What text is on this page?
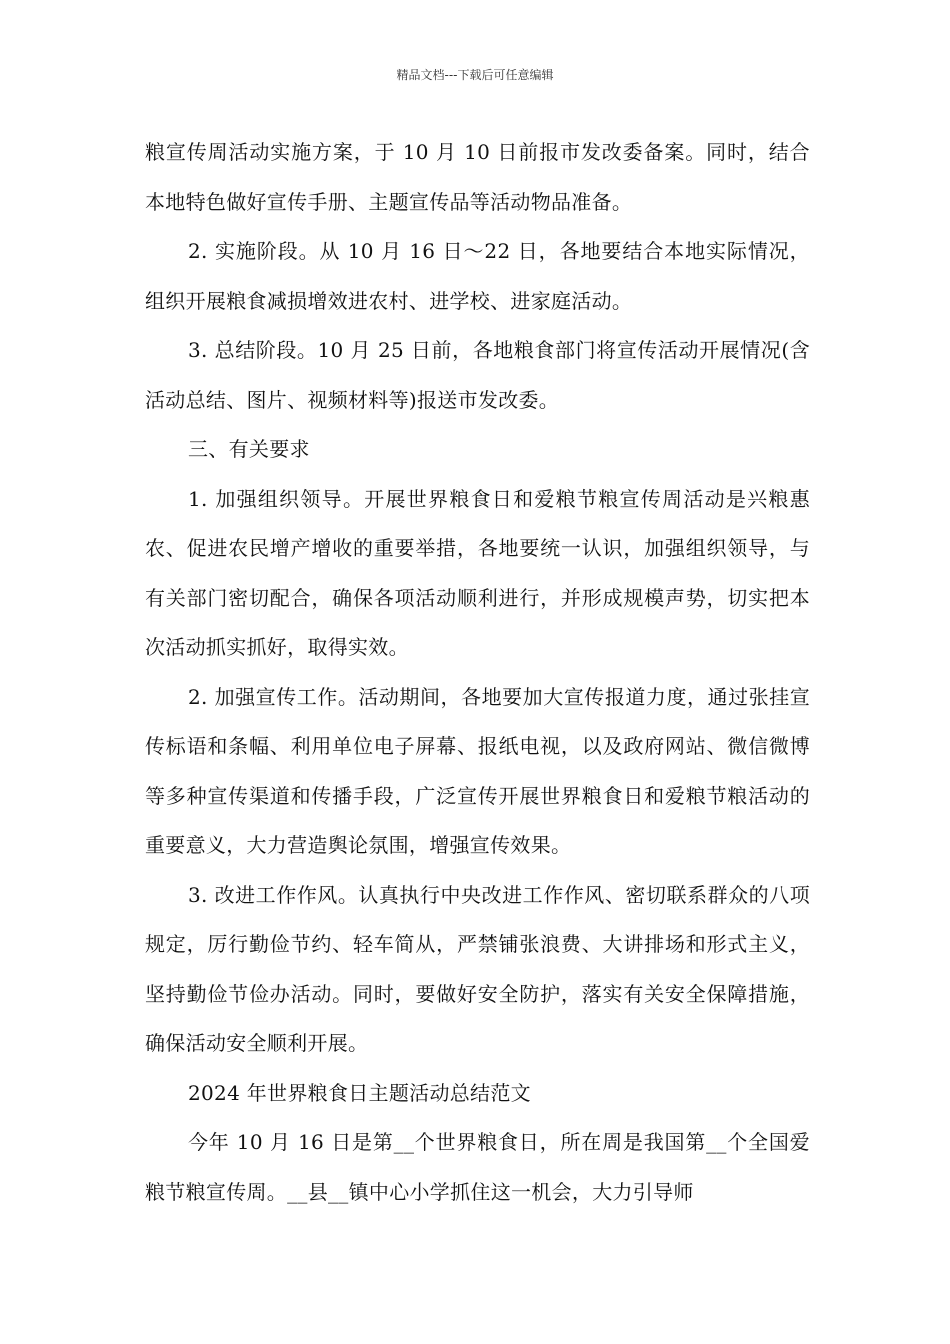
精品文档---下载后可任意编辑

粮宣传周活动实施方案，于 10 月 10 日前报市发改委备案。同时，结合本地特色做好宣传手册、主题宣传品等活动物品准备。

2. 实施阶段。从 10 月 16 日～22 日，各地要结合本地实际情况，组织开展粮食减损增效进农村、进学校、进家庭活动。

3. 总结阶段。10 月 25 日前，各地粮食部门将宣传活动开展情况(含活动总结、图片、视频材料等)报送市发改委。

三、有关要求

1. 加强组织领导。开展世界粮食日和爱粮节粮宣传周活动是兴粮惠农、促进农民增产增收的重要举措，各地要统一认识，加强组织领导，与有关部门密切配合，确保各项活动顺利进行，并形成规模声势，切实把本次活动抓实抓好，取得实效。

2. 加强宣传工作。活动期间，各地要加大宣传报道力度，通过张挂宣传标语和条幅、利用单位电子屏幕、报纸电视，以及政府网站、微信微博等多种宣传渠道和传播手段，广泛宣传开展世界粮食日和爱粮节粮活动的重要意义，大力营造舆论氛围，增强宣传效果。

3. 改进工作作风。认真执行中央改进工作作风、密切联系群众的八项规定，厉行勤俭节约、轻车简从，严禁铺张浪费、大讲排场和形式主义，坚持勤俭节俭办活动。同时，要做好安全防护，落实有关安全保障措施，确保活动安全顺利开展。

2024 年世界粮食日主题活动总结范文

今年 10 月 16 日是第__个世界粮食日，所在周是我国第__个全国爱粮节粮宣传周。__县__镇中心小学抓住这一机会，大力引导师
